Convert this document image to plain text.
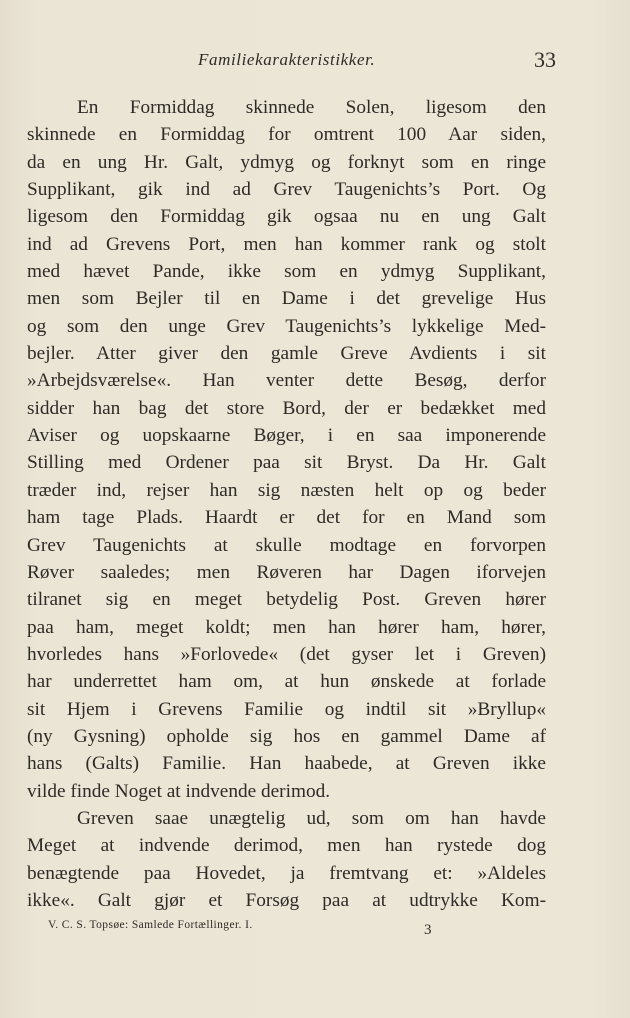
Familiekarakteristikker.	33
En Formiddag skinnede Solen, ligesom den
skinnede en Formiddag for omtrent 100 Aar siden,
da en ung Hr. Galt, ydmyg og forknyt som en ringe
Supplikant, gik ind ad Grev Taugenichts’s Port. Og
ligesom den Formiddag gik ogsaa nu en ung Galt
ind ad Grevens Port, men han kommer rank og stolt
med hævet Pande, ikke som en ydmyg Supplikant,
men som Bejler til en Dame i det grevelige Hus
og som den unge Grev Taugenichts’s lykkelige Med-
bejler. Atter giver den gamle Greve Avdients i sit
»Arbejdsværelse«. Han venter dette Besøg, derfor
sidder han bag det store Bord, der er bedækket med
Aviser og uopskaarne Bøger, i en saa imponerende
Stilling med Ordener paa sit Bryst. Da Hr. Galt
træder ind, rejser han sig næsten helt op og beder
ham tage Plads. Haardt er det for en Mand som
Grev Taugenichts at skulle modtage en forvorpen
Røver saaledes; men Røveren har Dagen iforvejen
tilranet sig en meget betydelig Post. Greven hører
paa ham, meget koldt; men han hører ham, hører,
hvorledes hans »Forlovede« (det gyser let i Greven)
har underrettet ham om, at hun ønskede at forlade
sit Hjem i Grevens Familie og indtil sit »Bryllup«
(ny Gysning) opholde sig hos en gammel Dame af
hans (Galts) Familie. Han haabede, at Greven ikke
vilde finde Noget at indvende derimod.
Greven saae unægtelig ud, som om han havde
Meget at indvende derimod, men han rystede dog
benægtende paa Hovedet, ja fremtvang et: »Aldeles
ikke«. Galt gjør et Forsøg paa at udtrykke Kom-
V. C. S. Topsøe: Samlede Fortællinger. I.	3
